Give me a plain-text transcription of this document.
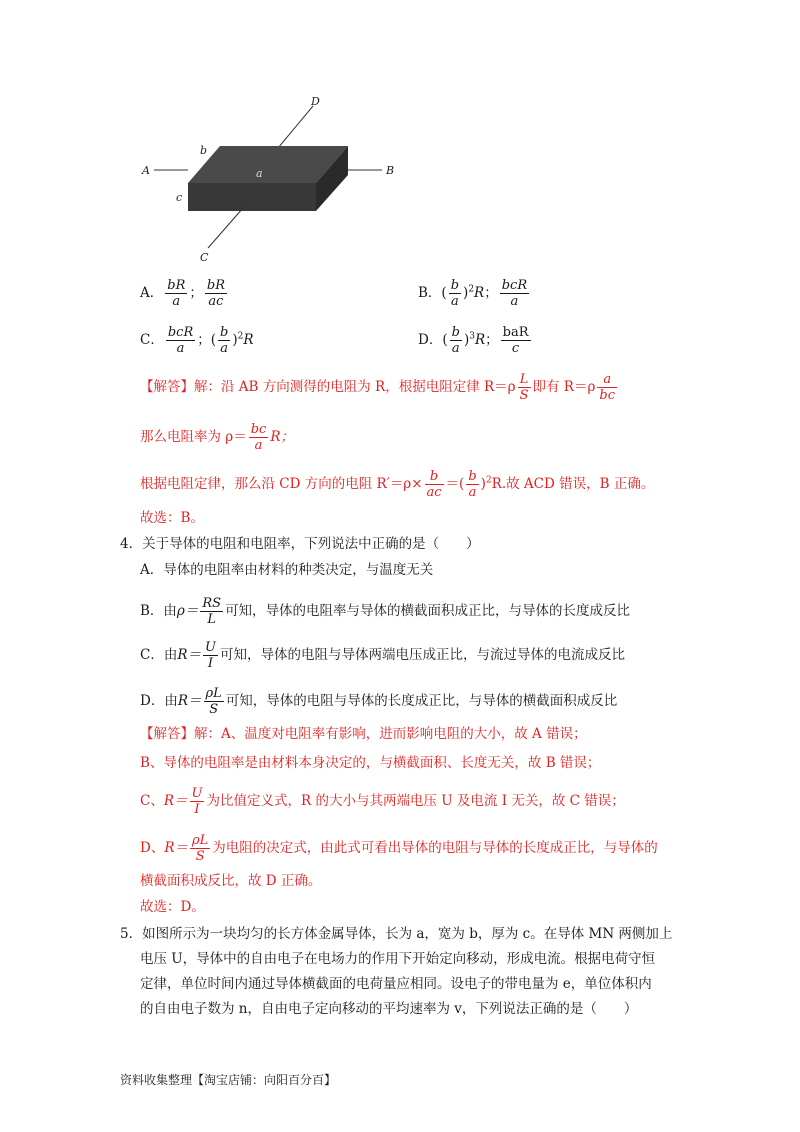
D
A
b
a	B
c
C
A． $\frac{bR}{a}$ ； $\frac{bR}{ac}$	B．( $\frac{b}{a} )^2R$； $\frac{\text{bcR}}{a}$
C． $\frac{\text{bcR}}{a}$ ；( $\frac{b}{a} )^2R$	D．( $\frac{b}{a} )^3R$； $\frac{\text{baR}}{c}$
【解答】解：沿 AB 方向测得的电阻为 R，根据电阻定律 $R=\rho \frac{L}{S}$ 即有 $R=\rho \frac{a}{bc}$
那么电阻率为 $\rho= \frac{bc}{a}$ R；
根据电阻定律，那么沿 CD 方向的电阻 $R'=\rho\times \frac{b}{ac}$ ＝( $\frac{b}{a} )^2R$.故 ACD 错误，B 正确。
故选：B。
4．关于导体的电阻和电阻率，下列说法中正确的是（　　）
A．导体的电阻率由材料的种类决定，与温度无关
B．由$\rho= \frac{RS}{L}$ 可知，导体的电阻率与导体的横截面积成正比，与导体的长度成反比
C．由$R= \frac{U}{I}$ 可知，导体的电阻与导体两端电压成正比，与流过导体的电流成反比
D．由$R= \frac{\rho L}{S}$ 可知，导体的电阻与导体的长度成正比，与导体的横截面积成反比
【解答】解：A、温度对电阻率有影响，进而影响电阻的大小，故 A 错误；
B、导体的电阻率是由材料本身决定的，与横截面积、长度无关，故 B 错误；
C、$R= \frac{U}{I}$ 为比值定义式，R 的大小与其两端电压 U 及电流 I 无关，故 C 错误；
D、$R= \frac{\rho L}{S}$ 为电阻的决定式，由此式可看出导体的电阻与导体的长度成正比，与导体的
横截面积成反比，故 D 正确。
故选：D。
5．如图所示为一块均匀的长方体金属导体，长为 a，宽为 b，厚为 c。在导体 MN 两侧加上
电压 U，导体中的自由电子在电场力的作用下开始定向移动，形成电流。根据电荷守恒
定律，单位时间内通过导体横截面的电荷量应相同。设电子的带电量为 e，单位体积内
的自由电子数为 n，自由电子定向移动的平均速率为 v，下列说法正确的是（　　）
资料收集整理【淘宝店铺：向阳百分百】
